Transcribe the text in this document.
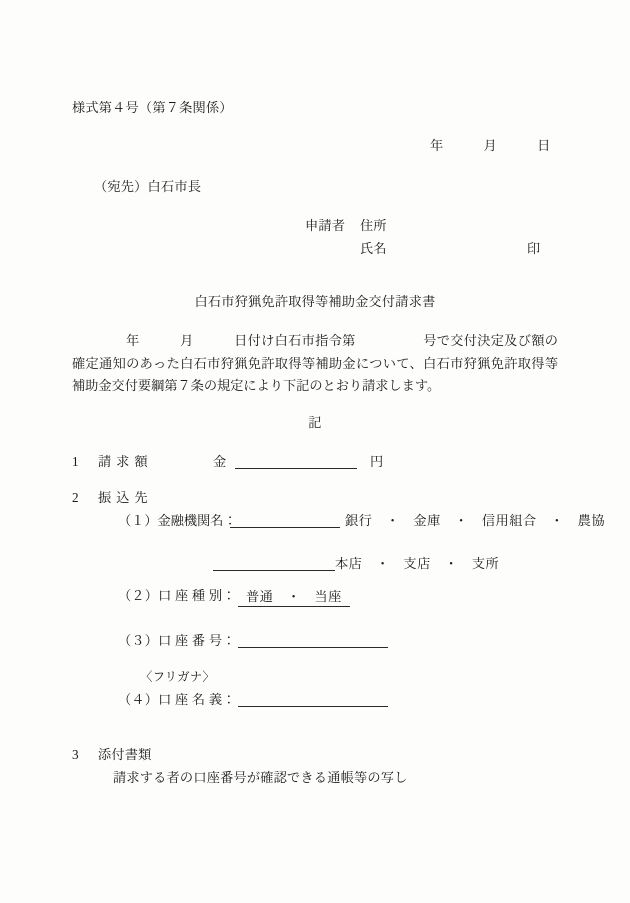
様式第４号（第７条関係）
年　　　月　　　日
（宛先）白石市長
申請者 住所
氏名	印
白石市狩猟免許取得等補助金交付請求書
　　　　年　　　月　　　日付け白石市指令第　　　　　号で交付決定及び額の確定通知のあった白石市狩猟免許取得等補助金について、白石市狩猟免許取得等補助金交付要綱第７条の規定により下記のとおり請求します。
記
1 請求額	金	円
2 振込先
（１）金融機関名：	銀行　・　金庫　・　信用組合　・　農協
本店　・　支店　・　支所
（２）口 座 種 別： 普通　・　当座
（３）口 座 番 号：
〈フリガナ〉
（４）口 座 名 義：
3 添付書類
請求する者の口座番号が確認できる通帳等の写し
